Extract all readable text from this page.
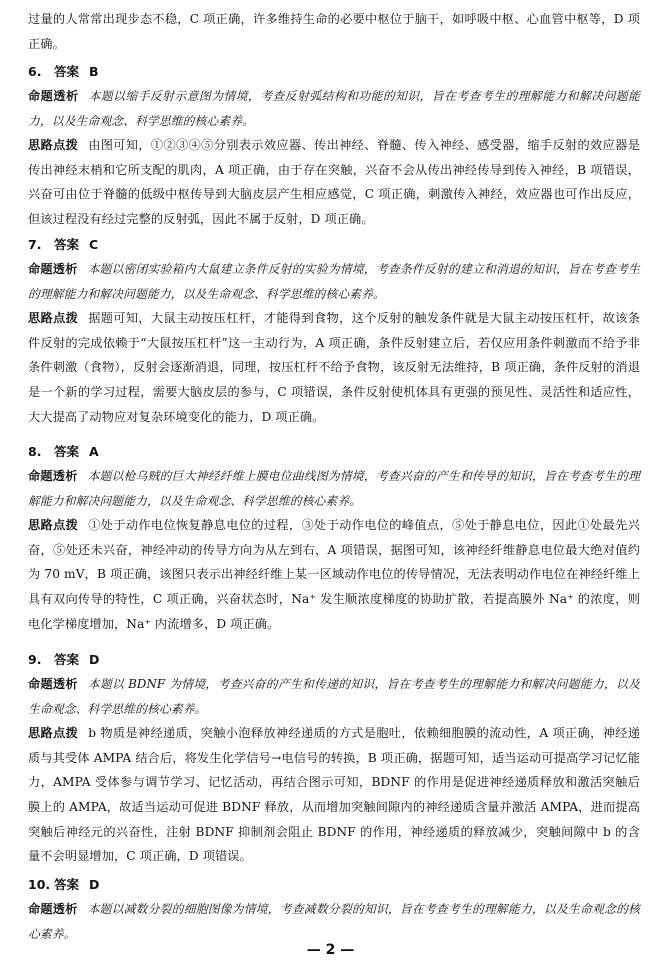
过量的人常常出现步态不稳，C 项正确，许多维持生命的必要中枢位于脑干，如呼吸中枢、心血管中枢等，D 项正确。

6. 答案 B

命题透析 本题以缩手反射示意图为情境，考查反射弧结构和功能的知识，旨在考查考生的理解能力和解决问题能力，以及生命观念、科学思维的核心素养。

思路点拨 由图可知，①②③④⑤分别表示效应器、传出神经、脊髓、传入神经、感受器，缩手反射的效应器是传出神经末梢和它所支配的肌肉，A 项正确，由于存在突触，兴奋不会从传出神经传导到传入神经，B 项错误，兴奋可由位于脊髓的低级中枢传导到大脑皮层产生相应感觉，C 项正确，刺激传入神经，效应器也可作出反应，但该过程没有经过完整的反射弧，因此不属于反射，D 项正确。

7. 答案 C

命题透析 本题以密闭实验箱内大鼠建立条件反射的实验为情境，考查条件反射的建立和消退的知识，旨在考查考生的理解能力和解决问题能力，以及生命观念、科学思维的核心素养。

思路点拨 据题可知，大鼠主动按压杠杆，才能得到食物，这个反射的触发条件就是大鼠主动按压杠杆，故该条件反射的完成依赖于“大鼠按压杠杆”这一主动行为，A 项正确，条件反射建立后，若仅应用条件刺激而不给予非条件刺激（食物），反射会逐渐消退，同理，按压杠杆不给予食物，该反射无法维持，B 项正确，条件反射的消退是一个新的学习过程，需要大脑皮层的参与，C 项错误，条件反射使机体具有更强的预见性、灵活性和适应性，大大提高了动物应对复杂环境变化的能力，D 项正确。

8. 答案 A

命题透析 本题以枪乌贼的巨大神经纤维上膜电位曲线图为情境，考查兴奋的产生和传导的知识，旨在考查考生的理解能力和解决问题能力，以及生命观念、科学思维的核心素养。

思路点拨 ①处于动作电位恢复静息电位的过程，③处于动作电位的峰值点，⑤处于静息电位，因此①处最先兴奋，⑤处还未兴奋，神经冲动的传导方向为从左到右，A 项错误，据图可知，该神经纤维静息电位最大绝对值约为 70 mV，B 项正确，该图只表示出神经纤维上某一区域动作电位的传导情况，无法表明动作电位在神经纤维上具有双向传导的特性，C 项正确，兴奋状态时，Na⁺ 发生顺浓度梯度的协助扩散，若提高膜外 Na⁺ 的浓度，则电化学梯度增加，Na⁺ 内流增多，D 项正确。

9. 答案 D

命题透析 本题以 BDNF 为情境，考查兴奋的产生和传递的知识，旨在考查考生的理解能力和解决问题能力，以及生命观念、科学思维的核心素养。

思路点拨 b 物质是神经递质，突触小泡释放神经递质的方式是胞吐，依赖细胞膜的流动性，A 项正确，神经递质与其受体 AMPA 结合后，将发生化学信号→电信号的转换，B 项正确，据题可知，适当运动可提高学习记忆能力，AMPA 受体参与调节学习、记忆活动，再结合图示可知，BDNF 的作用是促进神经递质释放和激活突触后膜上的 AMPA，故适当运动可促进 BDNF 释放，从而增加突触间隙内的神经递质含量并激活 AMPA，进而提高突触后神经元的兴奋性，注射 BDNF 抑制剂会阻止 BDNF 的作用，神经递质的释放减少，突触间隙中 b 的含量不会明显增加，C 项正确，D 项错误。

10. 答案 D

命题透析 本题以减数分裂的细胞图像为情境，考查减数分裂的知识，旨在考查考生的理解能力，以及生命观念的核心素养。

— 2 —
